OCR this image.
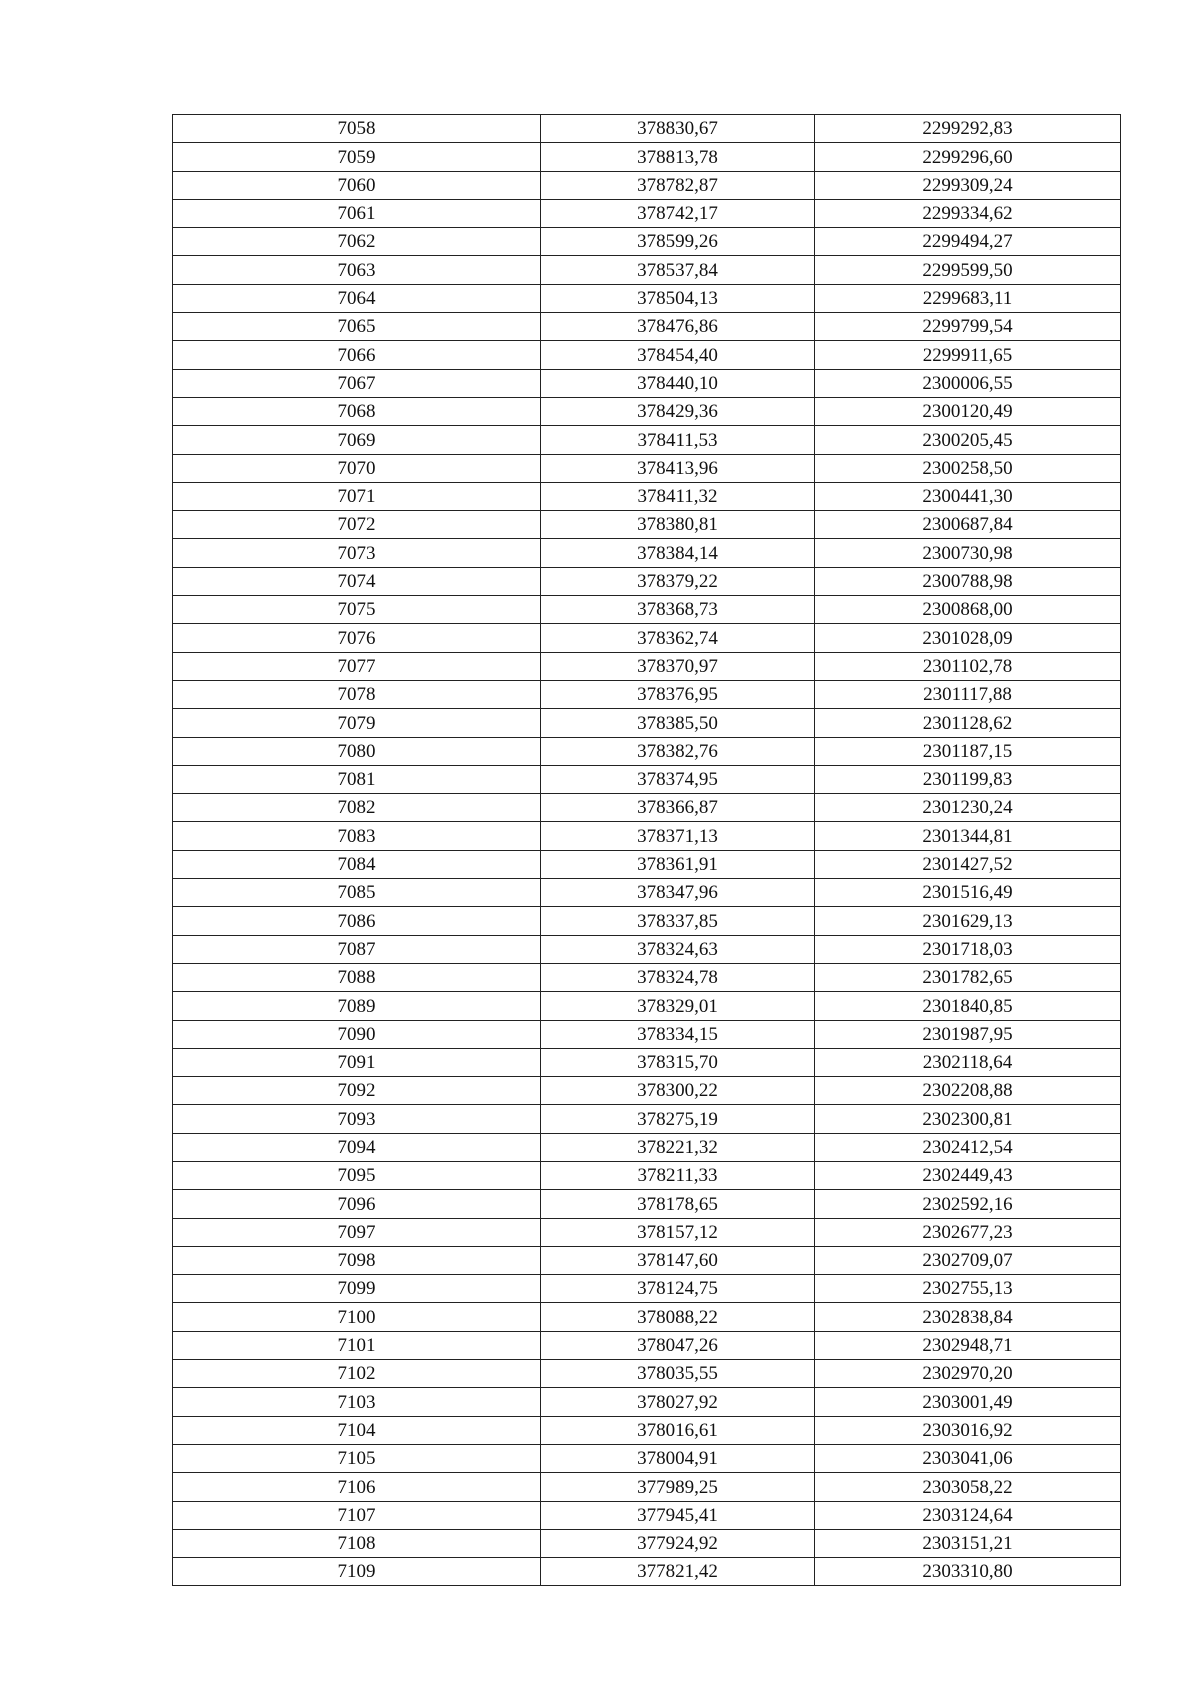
7058	378830,67	2299292,83
7059	378813,78	2299296,60
7060	378782,87	2299309,24
7061	378742,17	2299334,62
7062	378599,26	2299494,27
7063	378537,84	2299599,50
7064	378504,13	2299683,11
7065	378476,86	2299799,54
7066	378454,40	2299911,65
7067	378440,10	2300006,55
7068	378429,36	2300120,49
7069	378411,53	2300205,45
7070	378413,96	2300258,50
7071	378411,32	2300441,30
7072	378380,81	2300687,84
7073	378384,14	2300730,98
7074	378379,22	2300788,98
7075	378368,73	2300868,00
7076	378362,74	2301028,09
7077	378370,97	2301102,78
7078	378376,95	2301117,88
7079	378385,50	2301128,62
7080	378382,76	2301187,15
7081	378374,95	2301199,83
7082	378366,87	2301230,24
7083	378371,13	2301344,81
7084	378361,91	2301427,52
7085	378347,96	2301516,49
7086	378337,85	2301629,13
7087	378324,63	2301718,03
7088	378324,78	2301782,65
7089	378329,01	2301840,85
7090	378334,15	2301987,95
7091	378315,70	2302118,64
7092	378300,22	2302208,88
7093	378275,19	2302300,81
7094	378221,32	2302412,54
7095	378211,33	2302449,43
7096	378178,65	2302592,16
7097	378157,12	2302677,23
7098	378147,60	2302709,07
7099	378124,75	2302755,13
7100	378088,22	2302838,84
7101	378047,26	2302948,71
7102	378035,55	2302970,20
7103	378027,92	2303001,49
7104	378016,61	2303016,92
7105	378004,91	2303041,06
7106	377989,25	2303058,22
7107	377945,41	2303124,64
7108	377924,92	2303151,21
7109	377821,42	2303310,80
